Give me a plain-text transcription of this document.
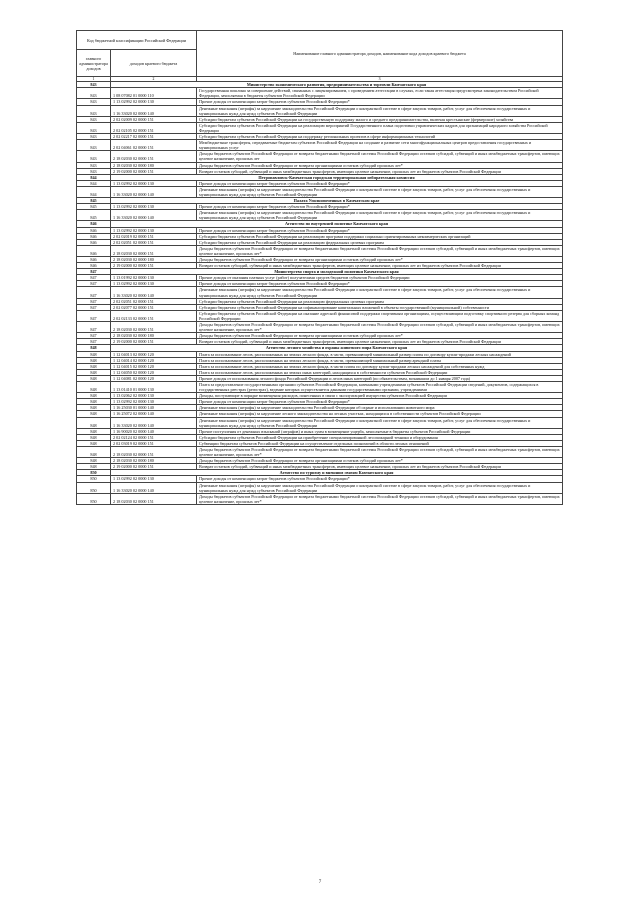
Код бюджетной классификации Российской Федерации		Наименование главного администратора доходов, наименование кода доходов краевого бюджета
главного администратора доходов	доходов краевого бюджета	
1	2	3
843	Министерство экономического развития, предпринимательства и торговли Камчатского края	
843	1 08 07082 01 0000 110	Государственная пошлина за совершение действий, связанных с лицензированием, с проведением аттестации в случаях, если такая аттестация предусмотрена законодательством Российской Федерации, зачисляемая в бюджеты субъектов Российской Федерации
843	1 13 02992 02 0000 130	Прочие доходы от компенсации затрат бюджетов субъектов Российской Федерации*
843	1 16 33020 02 0000 140	Денежные взыскания (штрафы) за нарушение законодательства Российской Федерации о контрактной системе в сфере закупок товаров, работ, услуг для обеспечения государственных и муниципальных нужд для нужд субъектов Российской Федерации
843	2 02 02009 02 0000 151	Субсидии бюджетам субъектов Российской Федерации на государственную поддержку малого и среднего предпринимательства, включая крестьянские (фермерские) хозяйства
843	2 02 02105 02 0000 151	Субсидии бюджетам субъектов Российской Федерации на реализацию мероприятий Государственного плана подготовки управленческих кадров для организаций народного хозяйства Российской Федерации
843	2 02 02217 02 0000 151	Субсидии бюджетам субъектов Российской Федерации на поддержку региональных проектов в сфере информационных технологий
843	2 02 04061 02 0000 151	Межбюджетные трансферты, передаваемые бюджетам субъектов Российской Федерации на создание и развитие сети многофункциональных центров предоставления государственных и муниципальных услуг
843	2 18 02030 02 0000 151	Доходы бюджетов субъектов Российской Федерации от возврата бюджетными бюджетной системы Российской Федерации остатков субсидий, субвенций и иных межбюджетных трансфертов, имеющих целевое назначение, прошлых лет
843	2 18 02030 02 0000 180	Доходы бюджетов субъектов Российской Федерации от возврата организациями остатков субсидий прошлых лет*
843	2 19 02000 02 0000 151	Возврат остатков субсидий, субвенций и иных межбюджетных трансфертов, имеющих целевое назначение, прошлых лет из бюджетов субъектов Российской Федерации
844	Петропавловск-Камчатская городская территориальная избирательная комиссия	
844	1 13 02992 02 0000 130	Прочие доходы от компенсации затрат бюджетов субъектов Российской Федерации*
844	1 16 33020 02 0000 140	Денежные взыскания (штрафы) за нарушение законодательства Российской Федерации о контрактной системе в сфере закупок товаров, работ, услуг для обеспечения государственных и муниципальных нужд для нужд субъектов Российской Федерации
845	Палата Уполномоченных в Камчатском крае	
845	1 13 02992 02 0000 130	Прочие доходы от компенсации затрат бюджетов субъектов Российской Федерации*
845	1 16 33020 02 0000 140	Денежные взыскания (штрафы) за нарушение законодательства Российской Федерации о контрактной системе в сфере закупок товаров, работ, услуг для обеспечения государственных и муниципальных нужд для нужд субъектов Российской Федерации
846	Агентство по внутренней политике Камчатского края	
846	1 13 02992 02 0000 130	Прочие доходы от компенсации затрат бюджетов субъектов Российской Федерации*
846	2 02 02019 02 0000 151	Субсидии бюджетам субъектов Российской Федерации на реализацию программ поддержки социально ориентированных некоммерческих организаций
846	2 02 02051 02 0000 151	Субсидии бюджетам субъектов Российской Федерации на реализацию федеральных целевых программ
846	2 18 02030 02 0000 151	Доходы бюджетов субъектов Российской Федерации от возврата бюджетными бюджетной системы Российской Федерации остатков субсидий, субвенций и иных межбюджетных трансфертов, имеющих целевое назначение, прошлых лет*
846	2 18 02030 02 0000 180	Доходы бюджетов субъектов Российской Федерации от возврата организациями остатков субсидий прошлых лет*
846	2 19 02000 02 0000 151	Возврат остатков субсидий, субвенций и иных межбюджетных трансфертов, имеющих целевое назначение, прошлых лет из бюджетов субъектов Российской Федерации
847	Министерство спорта и молодежной политики Камчатского края	
847	1 13 01992 02 0000 130	Прочие доходы от оказания платных услуг (работ) получателями средств бюджетов субъектов Российской Федерации
847	1 13 02992 02 0000 130	Прочие доходы от компенсации затрат бюджетов субъектов Российской Федерации*
847	1 16 33020 02 0000 140	Денежные взыскания (штрафы) за нарушение законодательства Российской Федерации о контрактной системе в сфере закупок товаров, работ, услуг для обеспечения государственных и муниципальных нужд для нужд субъектов Российской Федерации
847	2 02 02051 02 0000 151	Субсидии бюджетам субъектов Российской Федерации на реализацию федеральных целевых программ
847	2 02 02077 02 0000 151	Субсидии бюджетам субъектов Российской Федерации на софинансирование капитальных вложений в объекты государственной (муниципальной) собственности
847	2 02 02133 02 0000 151	Субсидии бюджетам субъектов Российской Федерации на оказание адресной финансовой поддержки спортивным организациям, осуществляющим подготовку спортивного резерва для сборных команд Российской Федерации
847	2 18 02030 02 0000 151	Доходы бюджетов субъектов Российской Федерации от возврата бюджетными бюджетной системы Российской Федерации остатков субсидий, субвенций и иных межбюджетных трансфертов, имеющих целевое назначение, прошлых лет*
847	2 18 02030 02 0000 180	Доходы бюджетов субъектов Российской Федерации от возврата организациями остатков субсидий прошлых лет*
847	2 19 02000 02 0000 151	Возврат остатков субсидий, субвенций и иных межбюджетных трансфертов, имеющих целевое назначение, прошлых лет из бюджетов субъектов Российской Федерации
848	Агентство лесного хозяйства и охраны животного мира Камчатского края	
848	1 12 04013 02 0000 120	Плата за использование лесов, расположенных на землях лесного фонда, в части, превышающей минимальный размер платы по договору купли-продажи лесных насаждений
848	1 12 04014 02 0000 120	Плата за использование лесов, расположенных на землях лесного фонда, в части, превышающей минимальный размер арендной платы
848	1 12 04015 02 0000 120	Плата за использование лесов, расположенных на землях лесного фонда, в части платы по договору купли-продажи лесных насаждений для собственных нужд
848	1 12 04050 02 0000 120	Плата за использование лесов, расположенных на землях иных категорий, находящихся в собственности субъектов Российской Федерации
848	1 12 04081 02 0000 120	Прочие доходы от использования лесного фонда Российской Федерации и лесов иных категорий (по обязательствам, возникшим до 1 января 2007 года)
848	1 13 01410 01 0000 130	Плата за предоставление государственными органами субъектов Российской Федерации, казенными учреждениями субъектов Российской Федерации сведений, документов, содержащихся в государственных реестрах (регистрах), ведение которых осуществляется данными государственными органами, учреждениями
848	1 13 02062 02 0000 130	Доходы, поступающие в порядке возмещения расходов, понесенных в связи с эксплуатацией имущества субъектов Российской Федерации
848	1 13 02992 02 0000 130	Прочие доходы от компенсации затрат бюджетов субъектов Российской Федерации*
848	1 16 25030 01 0000 140	Денежные взыскания (штрафы) за нарушение законодательства Российской Федерации об охране и использовании животного мира
848	1 16 25072 02 0000 140	Денежные взыскания (штрафы) за нарушение лесного законодательства на лесных участках, находящихся в собственности субъектов Российской Федерации
848	1 16 33020 02 0000 140	Денежные взыскания (штрафы) за нарушение законодательства Российской Федерации о контрактной системе в сфере закупок товаров, работ, услуг для обеспечения государственных и муниципальных нужд для нужд субъектов Российской Федерации
848	1 16 90020 02 0000 140	Прочие поступления от денежных взысканий (штрафов) и иных сумм в возмещение ущерба, зачисляемые в бюджеты субъектов Российской Федерации
848	2 02 02124 02 0000 151	Субсидии бюджетам субъектов Российской Федерации на приобретение специализированной лесопожарной техники и оборудования
848	2 02 03019 02 0000 151	Субвенции бюджетам субъектов Российской Федерации на осуществление отдельных полномочий в области лесных отношений
848	2 18 02030 02 0000 151	Доходы бюджетов субъектов Российской Федерации от возврата бюджетными бюджетной системы Российской Федерации остатков субсидий, субвенций и иных межбюджетных трансфертов, имеющих целевое назначение, прошлых лет*
848	2 18 02030 02 0000 180	Доходы бюджетов субъектов Российской Федерации от возврата организациями остатков субсидий прошлых лет*
848	2 19 02000 02 0000 151	Возврат остатков субсидий, субвенций и иных межбюджетных трансфертов, имеющих целевое назначение, прошлых лет из бюджетов субъектов Российской Федерации
850	Агентство по туризму и внешним связям Камчатского края	
850	1 13 02992 02 0000 130	Прочие доходы от компенсации затрат бюджетов субъектов Российской Федерации*
850	1 16 33020 02 0000 140	Денежные взыскания (штрафы) за нарушение законодательства Российской Федерации о контрактной системе в сфере закупок товаров, работ, услуг для обеспечения государственных и муниципальных нужд для нужд субъектов Российской Федерации
850	2 18 02030 02 0000 151	Доходы бюджетов субъектов Российской Федерации от возврата бюджетными бюджетной системы Российской Федерации остатков субсидий, субвенций и иных межбюджетных трансфертов, имеющих целевое назначение, прошлых лет*
7
